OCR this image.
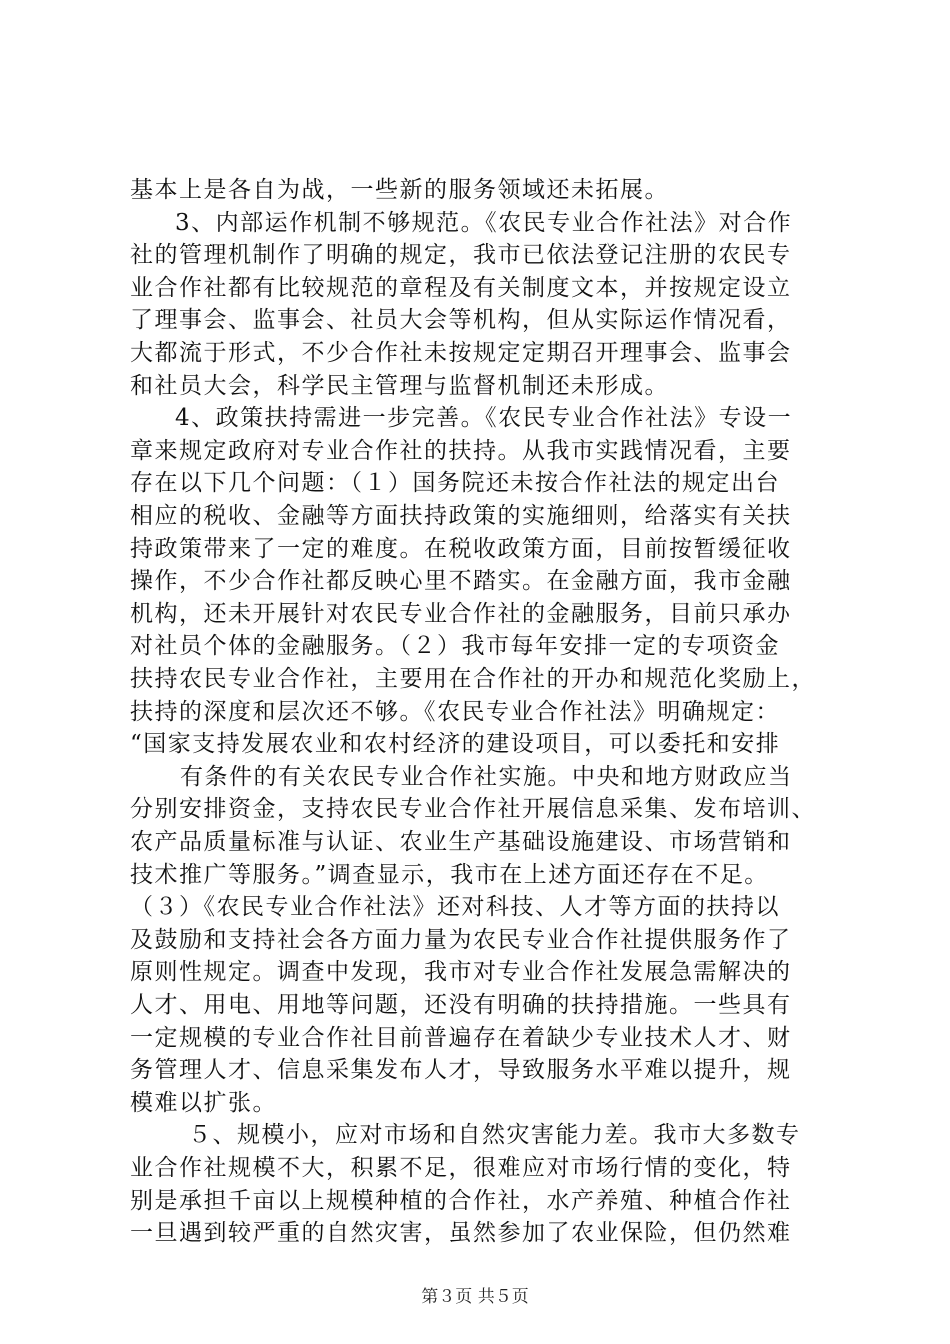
基本上是各自为战，一些新的服务领域还未拓展。
3、内部运作机制不够规范。《农民专业合作社法》对合作
社的管理机制作了明确的规定，我市已依法登记注册的农民专
业合作社都有比较规范的章程及有关制度文本，并按规定设立
了理事会、监事会、社员大会等机构，但从实际运作情况看，
大都流于形式，不少合作社未按规定定期召开理事会、监事会
和社员大会，科学民主管理与监督机制还未形成。
4、政策扶持需进一步完善。《农民专业合作社法》专设一
章来规定政府对专业合作社的扶持。从我市实践情况看，主要
存在以下几个问题：（１）国务院还未按合作社法的规定出台
相应的税收、金融等方面扶持政策的实施细则，给落实有关扶
持政策带来了一定的难度。在税收政策方面，目前按暂缓征收
操作，不少合作社都反映心里不踏实。在金融方面，我市金融
机构，还未开展针对农民专业合作社的金融服务，目前只承办
对社员个体的金融服务。（２）我市每年安排一定的专项资金
扶持农民专业合作社，主要用在合作社的开办和规范化奖励上，
扶持的深度和层次还不够。《农民专业合作社法》明确规定：
“国家支持发展农业和农村经济的建设项目，可以委托和安排
有条件的有关农民专业合作社实施。中央和地方财政应当
分别安排资金，支持农民专业合作社开展信息采集、发布培训、
农产品质量标准与认证、农业生产基础设施建设、市场营销和
技术推广等服务。”调查显示，我市在上述方面还存在不足。
（３）《农民专业合作社法》还对科技、人才等方面的扶持以
及鼓励和支持社会各方面力量为农民专业合作社提供服务作了
原则性规定。调查中发现，我市对专业合作社发展急需解决的
人才、用电、用地等问题，还没有明确的扶持措施。一些具有
一定规模的专业合作社目前普遍存在着缺少专业技术人才、财
务管理人才、信息采集发布人才，导致服务水平难以提升，规
模难以扩张。
５、规模小，应对市场和自然灾害能力差。我市大多数专
业合作社规模不大，积累不足，很难应对市场行情的变化，特
别是承担千亩以上规模种植的合作社，水产养殖、种植合作社
一旦遇到较严重的自然灾害，虽然参加了农业保险，但仍然难
第３页 共５页
